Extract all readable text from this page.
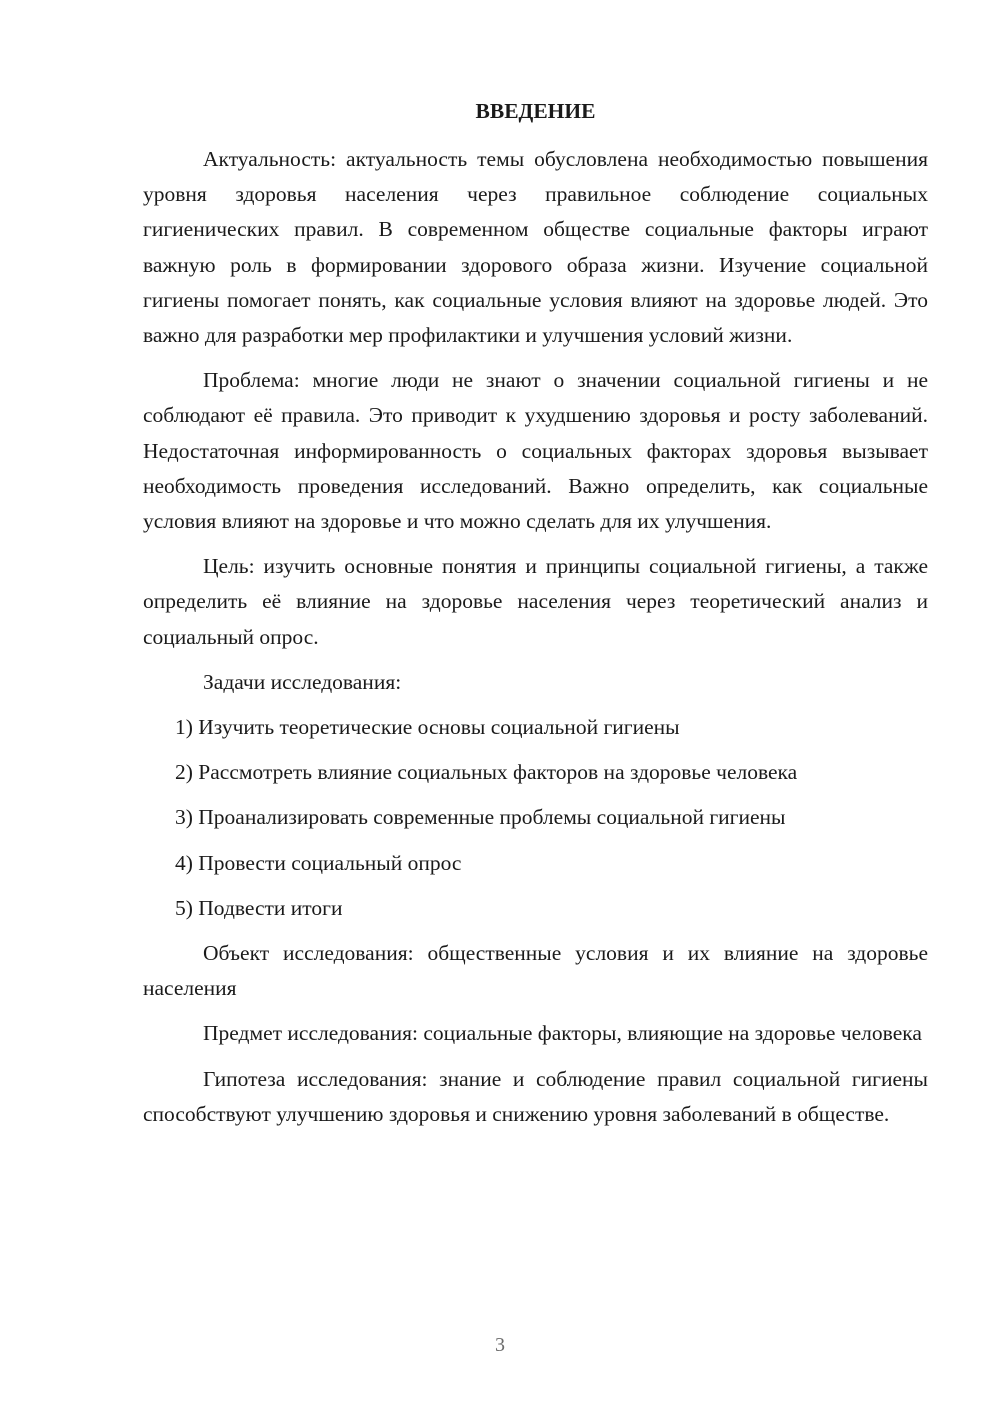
ВВЕДЕНИЕ

Актуальность: актуальность темы обусловлена необходимостью повышения уровня здоровья населения через правильное соблюдение социальных гигиенических правил. В современном обществе социальные факторы играют важную роль в формировании здорового образа жизни. Изучение социальной гигиены помогает понять, как социальные условия влияют на здоровье людей. Это важно для разработки мер профилактики и улучшения условий жизни.

Проблема: многие люди не знают о значении социальной гигиены и не соблюдают её правила. Это приводит к ухудшению здоровья и росту заболеваний. Недостаточная информированность о социальных факторах здоровья вызывает необходимость проведения исследований. Важно определить, как социальные условия влияют на здоровье и что можно сделать для их улучшения.

Цель: изучить основные понятия и принципы социальной гигиены, а также определить её влияние на здоровье населения через теоретический анализ и социальный опрос.

Задачи исследования:

1) Изучить теоретические основы социальной гигиены
2) Рассмотреть влияние социальных факторов на здоровье человека
3) Проанализировать современные проблемы социальной гигиены
4) Провести социальный опрос
5) Подвести итоги

Объект исследования: общественные условия и их влияние на здоровье населения

Предмет исследования: социальные факторы, влияющие на здоровье человека

Гипотеза исследования: знание и соблюдение правил социальной гигиены способствуют улучшению здоровья и снижению уровня заболеваний в обществе.

3
